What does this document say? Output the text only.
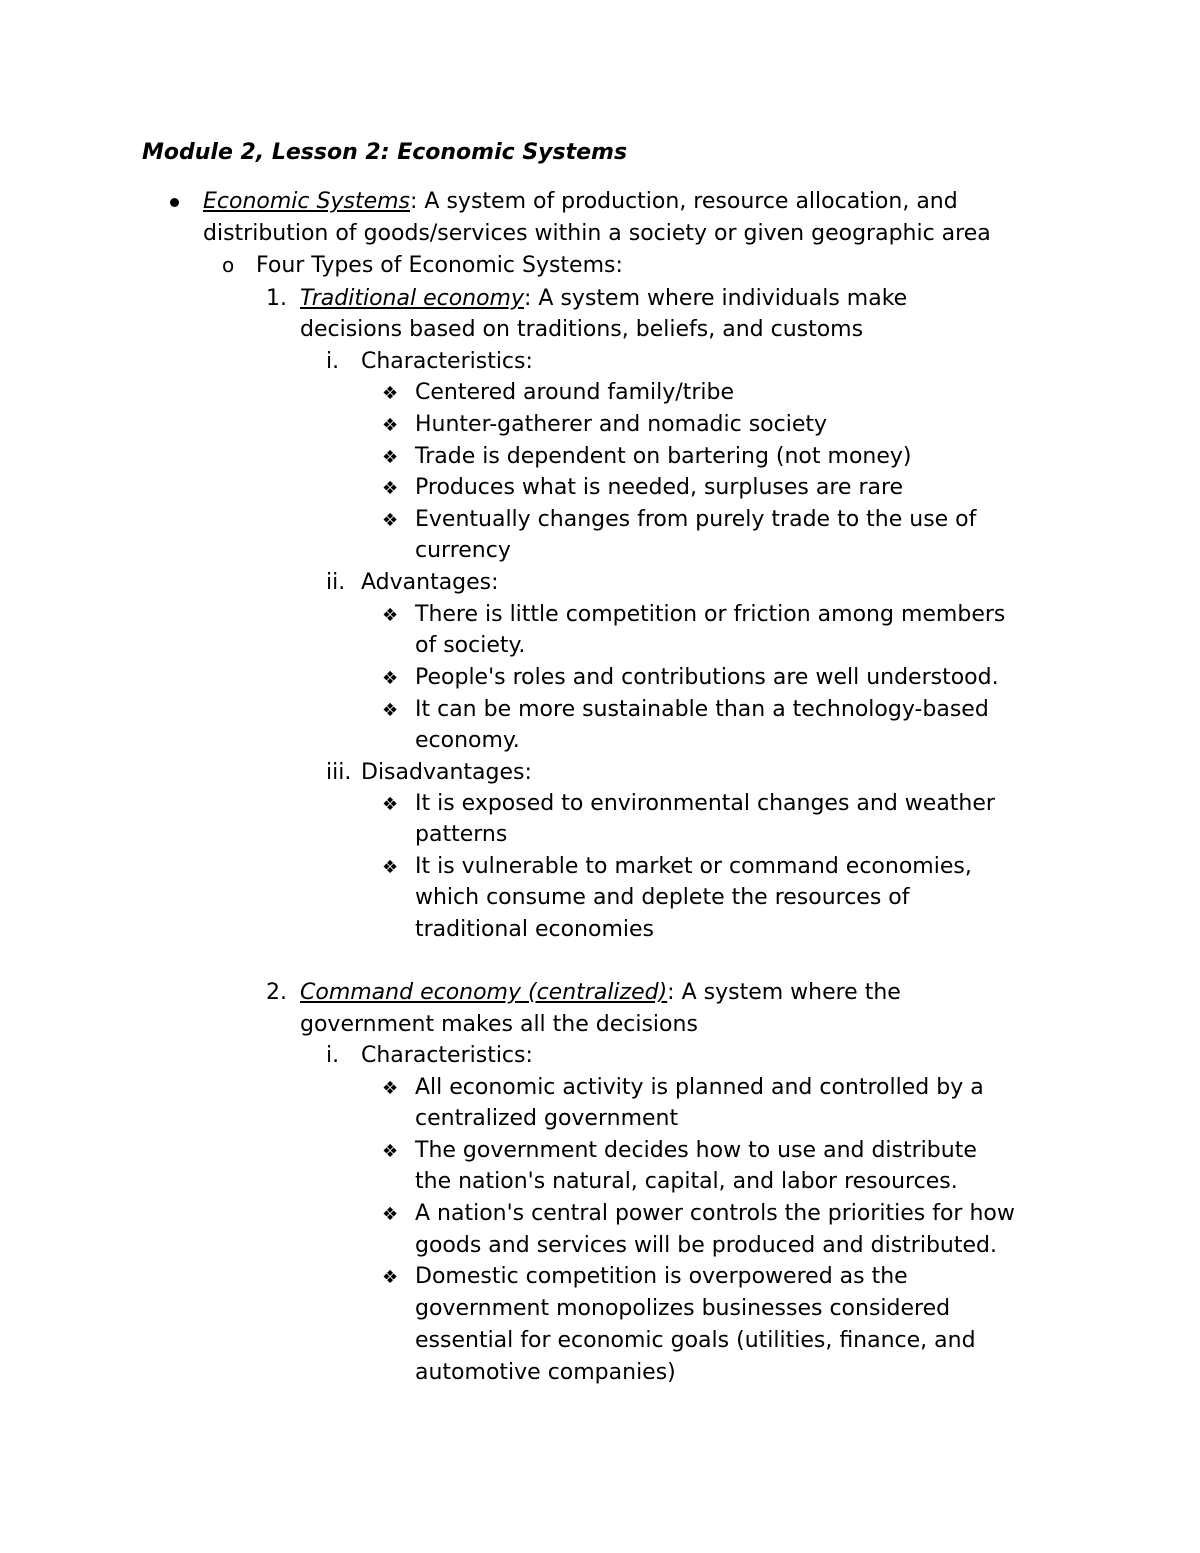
Module 2, Lesson 2: Economic Systems
Economic Systems: A system of production, resource allocation, and
distribution of goods/services within a society or given geographic area
o Four Types of Economic Systems:
1. Traditional economy: A system where individuals make
decisions based on traditions, beliefs, and customs
i. Characteristics:
❖ Centered around family/tribe
❖ Hunter-gatherer and nomadic society
❖ Trade is dependent on bartering (not money)
❖ Produces what is needed, surpluses are rare
❖ Eventually changes from purely trade to the use of
currency
ii. Advantages:
❖ There is little competition or friction among members
of society.
❖ People's roles and contributions are well understood.
❖ It can be more sustainable than a technology-based
economy.
iii. Disadvantages:
❖ It is exposed to environmental changes and weather
patterns
❖ It is vulnerable to market or command economies,
which consume and deplete the resources of
traditional economies
2. Command economy (centralized): A system where the
government makes all the decisions
i. Characteristics:
❖ All economic activity is planned and controlled by a
centralized government
❖ The government decides how to use and distribute
the nation's natural, capital, and labor resources.
❖ A nation's central power controls the priorities for how
goods and services will be produced and distributed.
❖ Domestic competition is overpowered as the
government monopolizes businesses considered
essential for economic goals (utilities, finance, and
automotive companies)
